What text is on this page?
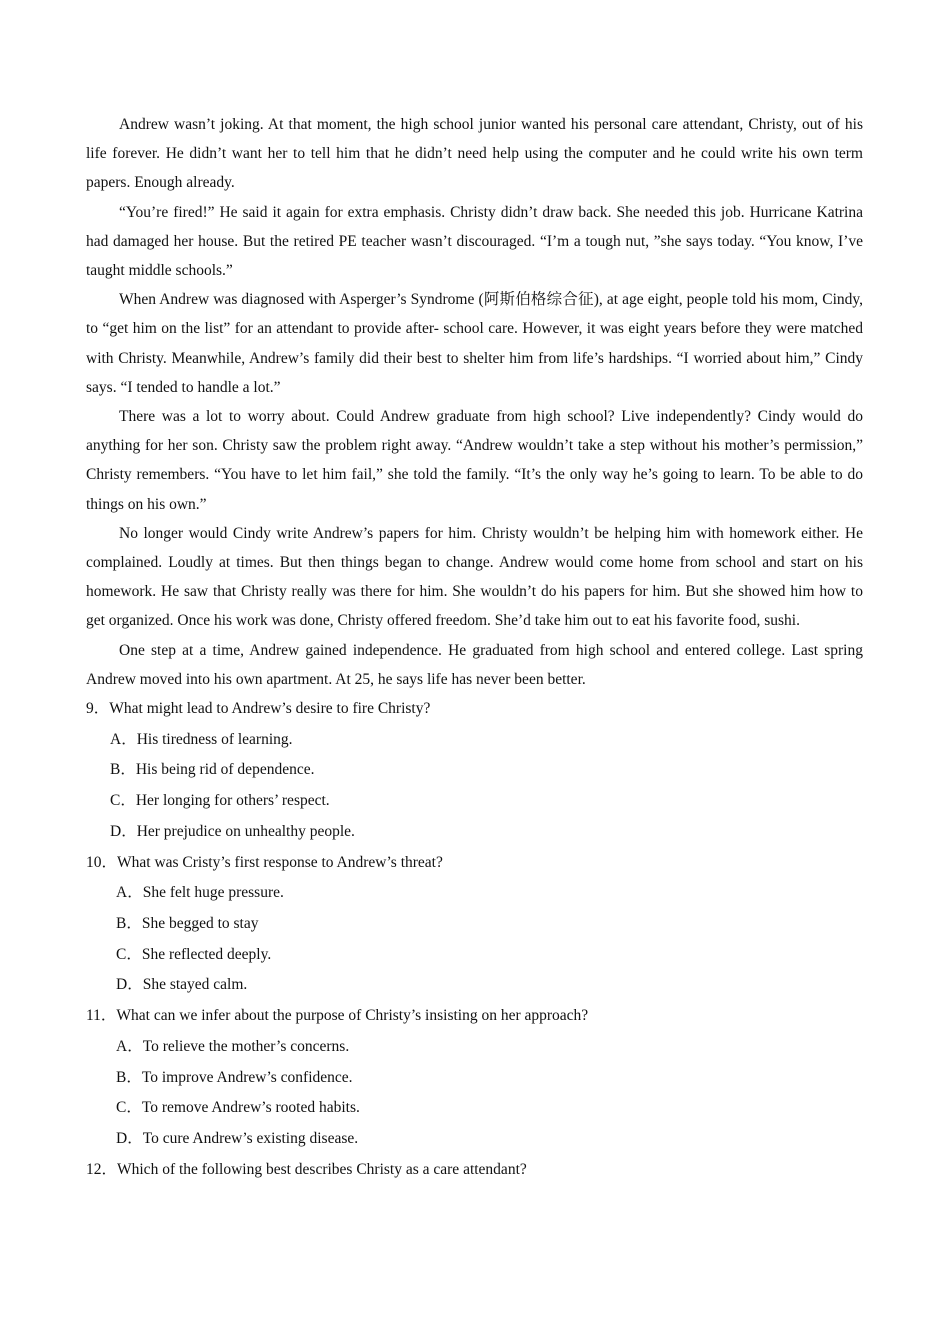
Andrew wasn’t joking. At that moment, the high school junior wanted his personal care attendant, Christy, out of his life forever. He didn’t want her to tell him that he didn’t need help using the computer and he could write his own term papers. Enough already.

“You’re fired!” He said it again for extra emphasis. Christy didn’t draw back. She needed this job. Hurricane Katrina had damaged her house. But the retired PE teacher wasn’t discouraged. “I’m a tough nut, ”she says today. “You know, I’ve taught middle schools.”

When Andrew was diagnosed with Asperger’s Syndrome (阿斯伯格综合征), at age eight, people told his mom, Cindy, to “get him on the list” for an attendant to provide after- school care. However, it was eight years before they were matched with Christy. Meanwhile, Andrew’s family did their best to shelter him from life’s hardships. “I worried about him,” Cindy says. “I tended to handle a lot.”

There was a lot to worry about. Could Andrew graduate from high school? Live independently? Cindy would do anything for her son. Christy saw the problem right away. “Andrew wouldn’t take a step without his mother’s permission,” Christy remembers. “You have to let him fail,” she told the family. “It’s the only way he’s going to learn. To be able to do things on his own.”

No longer would Cindy write Andrew’s papers for him. Christy wouldn’t be helping him with homework either. He complained. Loudly at times. But then things began to change. Andrew would come home from school and start on his homework. He saw that Christy really was there for him. She wouldn’t do his papers for him. But she showed him how to get organized. Once his work was done, Christy offered freedom. She’d take him out to eat his favorite food, sushi.

One step at a time, Andrew gained independence. He graduated from high school and entered college. Last spring Andrew moved into his own apartment. At 25, he says life has never been better.

9．What might lead to Andrew’s desire to fire Christy?

A．His tiredness of learning.

B．His being rid of dependence.

C．Her longing for others’ respect.

D．Her prejudice on unhealthy people.

10．What was Cristy’s first response to Andrew’s threat?

A．She felt huge pressure.

B．She begged to stay

C．She reflected deeply.

D．She stayed calm.

11．What can we infer about the purpose of Christy’s insisting on her approach?

A．To relieve the mother’s concerns.

B．To improve Andrew’s confidence.

C．To remove Andrew’s rooted habits.

D．To cure Andrew’s existing disease.

12．Which of the following best describes Christy as a care attendant?
